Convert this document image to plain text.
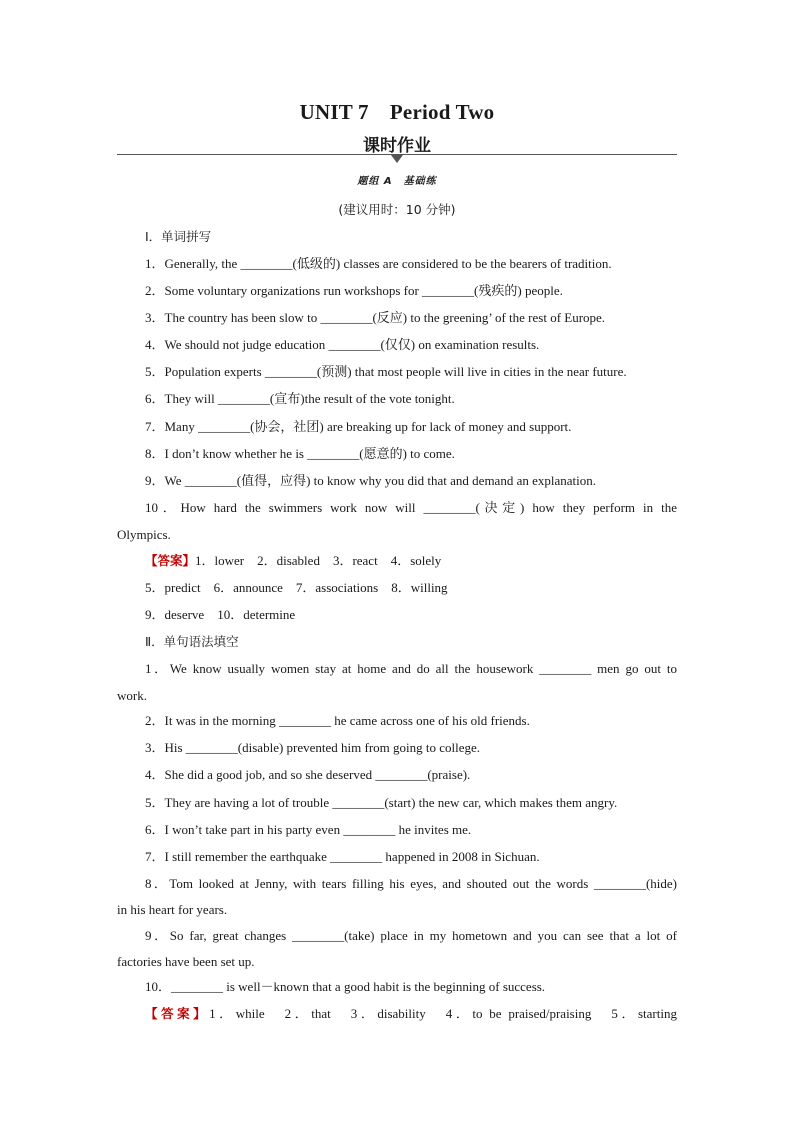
UNIT 7　Period Two
课时作业
题组 A　基础练
(建议用时：10 分钟)
Ⅰ．单词拼写
1．Generally, the ________(低级的) classes are considered to be the bearers of tradition.
2．Some voluntary organizations run workshops for ________(残疾的) people.
3．The country has been slow to ________(反应) to the greening’ of the rest of Europe.
4．We should not judge education ________(仅仅) on examination results.
5．Population experts ________(预测) that most people will live in cities in the near future.
6．They will ________(宣布)the result of the vote tonight.
7．Many ________(协会，社团) are breaking up for lack of money and support.
8．I don’t know whether he is ________(愿意的) to come.
9．We ________(值得，应得) to know why you did that and demand an explanation.
10．How hard the swimmers work now will ________(决定) how they perform in the
Olympics.
【答案】1．lower　2．disabled　3．react　4．solely
5．predict　6．announce　7．associations　8．willing
9．deserve　10．determine
Ⅱ．单句语法填空
1．We know usually women stay at home and do all the housework ________ men go out to
work.
2．It was in the morning ________ he came across one of his old friends.
3．His ________(disable) prevented him from going to college.
4．She did a good job, and so she deserved ________(praise).
5．They are having a lot of trouble ________(start) the new car, which makes them angry.
6．I won’t take part in his party even ________ he invites me.
7．I still remember the earthquake ________ happened in 2008 in Sichuan.
8．Tom looked at Jenny, with tears filling his eyes, and shouted out the words ________(hide)
in his heart for years.
9．So far, great changes ________(take) place in my hometown and you can see that a lot of
factories have been set up.
10．________ is well－known that a good habit is the beginning of success.
【答案】1．while　2．that　3．disability　4．to be praised/praising　5．starting
